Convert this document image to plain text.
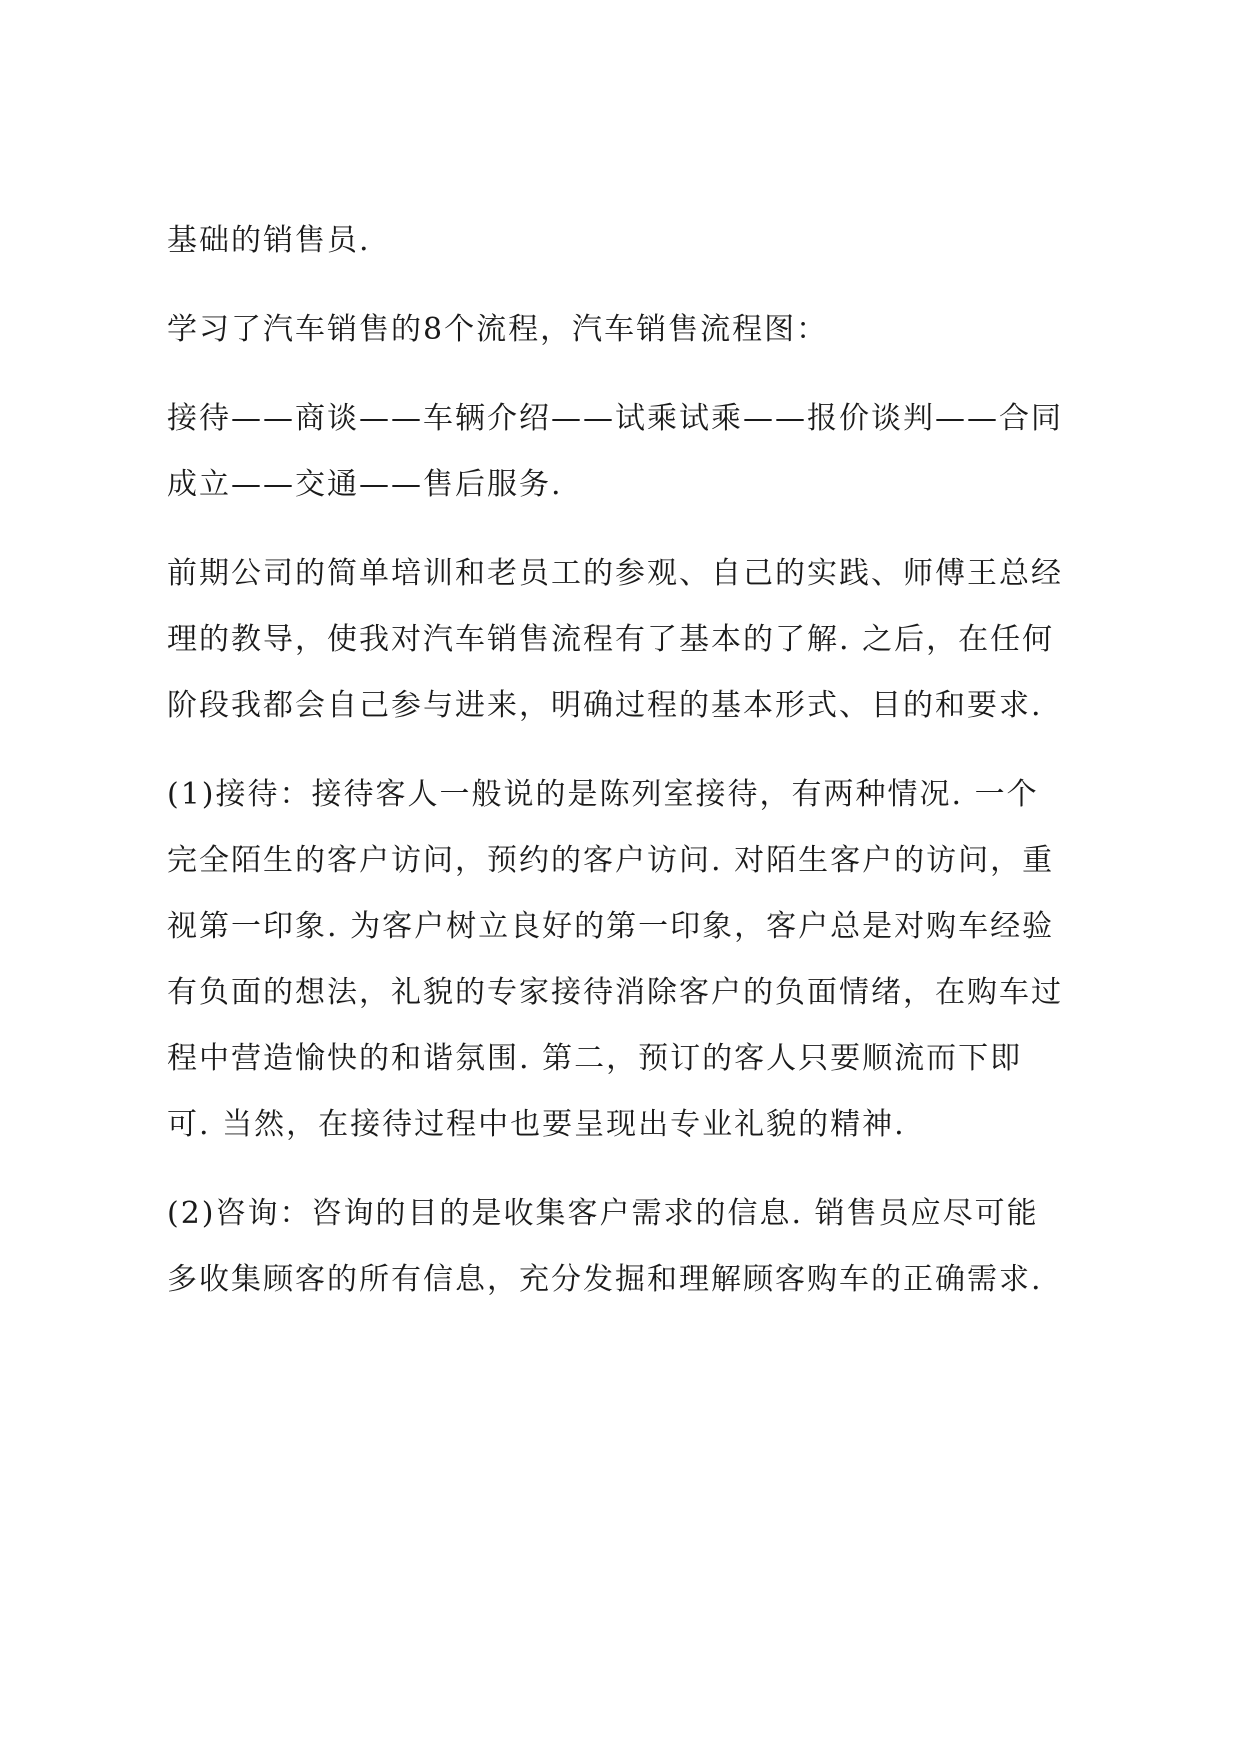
基础的销售员.
学习了汽车销售的8个流程，汽车销售流程图：
接待——商谈——车辆介绍——试乘试乘——报价谈判——合同
成立——交通——售后服务.
前期公司的简单培训和老员工的参观、自己的实践、师傅王总经
理的教导，使我对汽车销售流程有了基本的了解. 之后，在任何
阶段我都会自己参与进来，明确过程的基本形式、目的和要求.
(1)接待：接待客人一般说的是陈列室接待，有两种情况. 一个
完全陌生的客户访问，预约的客户访问. 对陌生客户的访问，重
视第一印象. 为客户树立良好的第一印象，客户总是对购车经验
有负面的想法，礼貌的专家接待消除客户的负面情绪，在购车过
程中营造愉快的和谐氛围. 第二，预订的客人只要顺流而下即
可. 当然，在接待过程中也要呈现出专业礼貌的精神.
(2)咨询：咨询的目的是收集客户需求的信息. 销售员应尽可能
多收集顾客的所有信息，充分发掘和理解顾客购车的正确需求.
